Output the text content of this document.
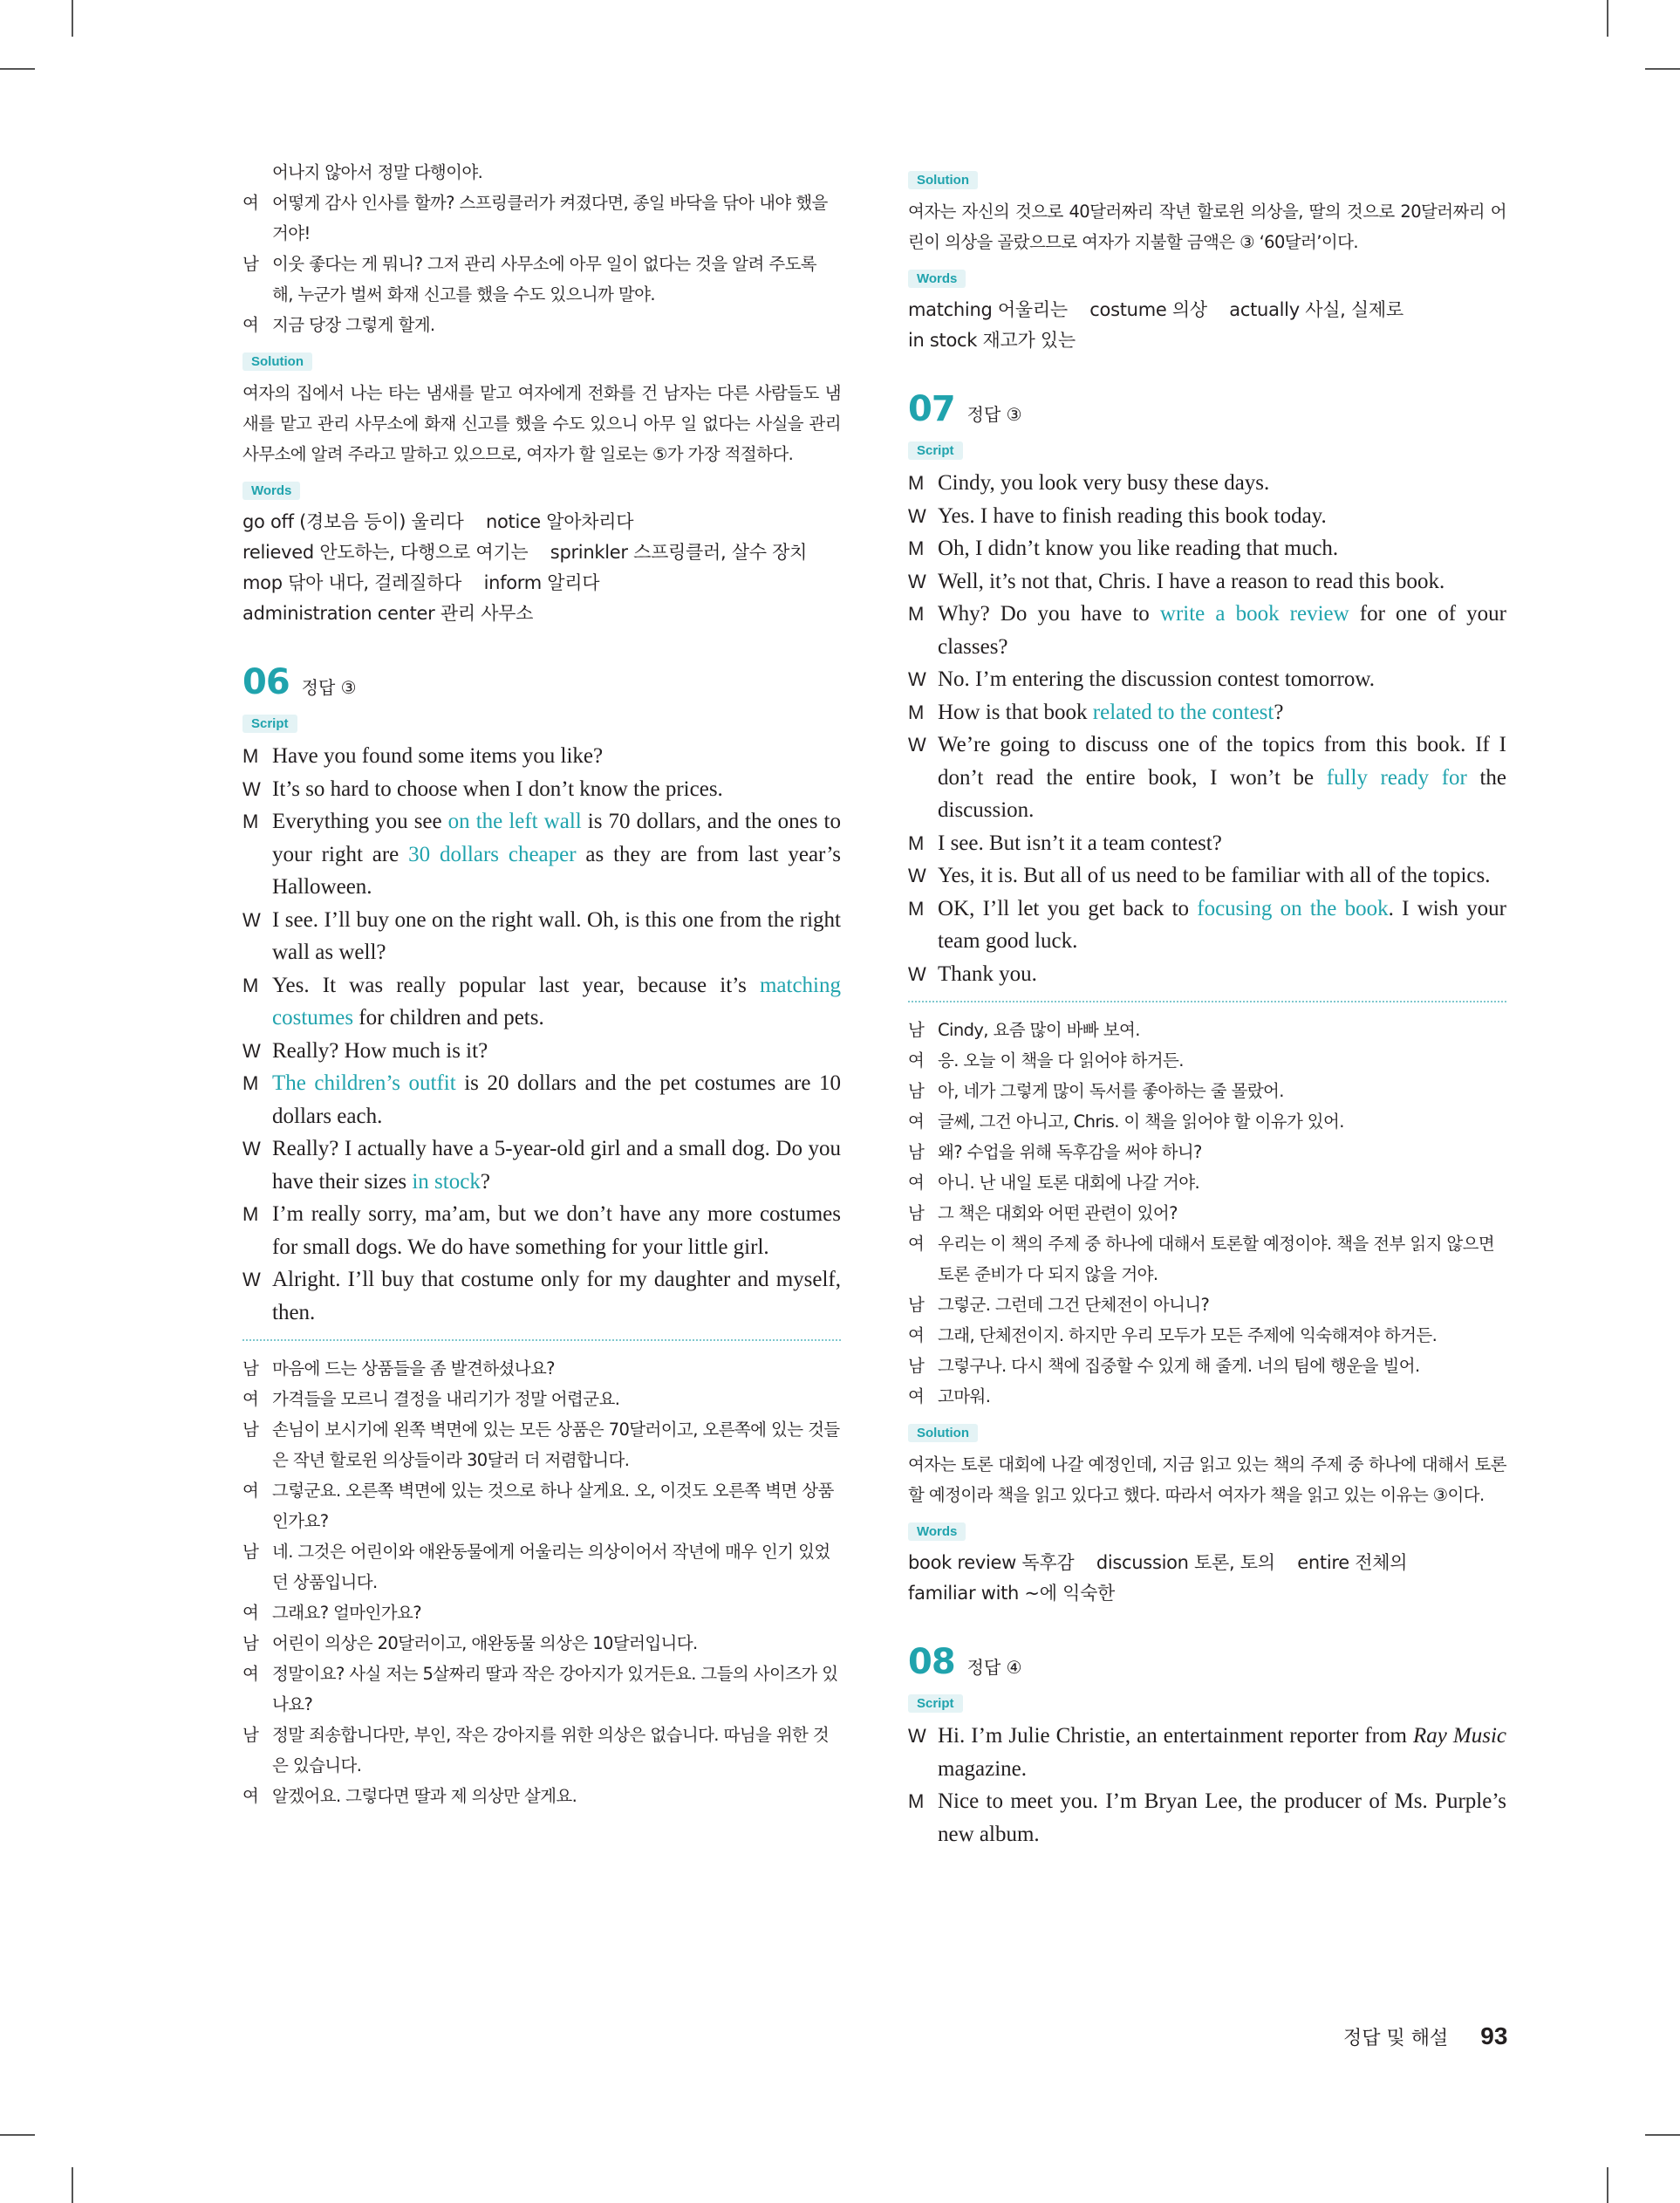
어나지 않아서 정말 다행이야.
여 어떻게 감사 인사를 할까? 스프링클러가 켜졌다면, 종일 바닥을 닦아 내야 했을 거야!
남 이웃 좋다는 게 뭐니? 그저 관리 사무소에 아무 일이 없다는 것을 알려 주도록 해, 누군가 벌써 화재 신고를 했을 수도 있으니까 말야.
여 지금 당장 그렇게 할게.
Solution
여자의 집에서 나는 타는 냄새를 맡고 여자에게 전화를 건 남자는 다른 사람들도 냄새를 맡고 관리 사무소에 화재 신고를 했을 수도 있으니 아무 일 없다는 사실을 관리 사무소에 알려 주라고 말하고 있으므로, 여자가 할 일로는 ⑤가 가장 적절하다.
Words
go off (경보음 등이) 울리다    notice 알아차리다
relieved 안도하는, 다행으로 여기는    sprinkler 스프링클러, 살수 장치
mop 닦아 내다, 걸레질하다    inform 알리다
administration center 관리 사무소
06 정답 ③
Script
M Have you found some items you like?
W It’s so hard to choose when I don’t know the prices.
M Everything you see on the left wall is 70 dollars, and the ones to your right are 30 dollars cheaper as they are from last year’s Halloween.
W I see. I’ll buy one on the right wall. Oh, is this one from the right wall as well?
M Yes. It was really popular last year, because it’s matching costumes for children and pets.
W Really? How much is it?
M The children’s outfit is 20 dollars and the pet costumes are 10 dollars each.
W Really? I actually have a 5-year-old girl and a small dog. Do you have their sizes in stock?
M I’m really sorry, ma’am, but we don’t have any more costumes for small dogs. We do have something for your little girl.
W Alright. I’ll buy that costume only for my daughter and myself, then.
남 마음에 드는 상품들을 좀 발견하셨나요?
여 가격들을 모르니 결정을 내리기가 정말 어렵군요.
남 손님이 보시기에 왼쪽 벽면에 있는 모든 상품은 70달러이고, 오른쪽에 있는 것들은 작년 할로윈 의상들이라 30달러 더 저렴합니다.
여 그렇군요. 오른쪽 벽면에 있는 것으로 하나 살게요. 오, 이것도 오른쪽 벽면 상품인가요?
남 네. 그것은 어린이와 애완동물에게 어울리는 의상이어서 작년에 매우 인기 있었던 상품입니다.
여 그래요? 얼마인가요?
남 어린이 의상은 20달러이고, 애완동물 의상은 10달러입니다.
여 정말이요? 사실 저는 5살짜리 딸과 작은 강아지가 있거든요. 그들의 사이즈가 있나요?
남 정말 죄송합니다만, 부인, 작은 강아지를 위한 의상은 없습니다. 따님을 위한 것은 있습니다.
여 알겠어요. 그렇다면 딸과 제 의상만 살게요.
Solution
여자는 자신의 것으로 40달러짜리 작년 할로윈 의상을, 딸의 것으로 20달러짜리 어린이 의상을 골랐으므로 여자가 지불할 금액은 ③ ‘60달러’이다.
Words
matching 어울리는    costume 의상    actually 사실, 실제로
in stock 재고가 있는
07 정답 ③
Script
M Cindy, you look very busy these days.
W Yes. I have to finish reading this book today.
M Oh, I didn’t know you like reading that much.
W Well, it’s not that, Chris. I have a reason to read this book.
M Why? Do you have to write a book review for one of your classes?
W No. I’m entering the discussion contest tomorrow.
M How is that book related to the contest?
W We’re going to discuss one of the topics from this book. If I don’t read the entire book, I won’t be fully ready for the discussion.
M I see. But isn’t it a team contest?
W Yes, it is. But all of us need to be familiar with all of the topics.
M OK, I’ll let you get back to focusing on the book. I wish your team good luck.
W Thank you.
남 Cindy, 요즘 많이 바빠 보여.
여 응. 오늘 이 책을 다 읽어야 하거든.
남 아, 네가 그렇게 많이 독서를 좋아하는 줄 몰랐어.
여 글쎄, 그건 아니고, Chris. 이 책을 읽어야 할 이유가 있어.
남 왜? 수업을 위해 독후감을 써야 하니?
여 아니. 난 내일 토론 대회에 나갈 거야.
남 그 책은 대회와 어떤 관련이 있어?
여 우리는 이 책의 주제 중 하나에 대해서 토론할 예정이야. 책을 전부 읽지 않으면 토론 준비가 다 되지 않을 거야.
남 그렇군. 그런데 그건 단체전이 아니니?
여 그래, 단체전이지. 하지만 우리 모두가 모든 주제에 익숙해져야 하거든.
남 그렇구나. 다시 책에 집중할 수 있게 해 줄게. 너의 팀에 행운을 빌어.
여 고마워.
Solution
여자는 토론 대회에 나갈 예정인데, 지금 읽고 있는 책의 주제 중 하나에 대해서 토론할 예정이라 책을 읽고 있다고 했다. 따라서 여자가 책을 읽고 있는 이유는 ③이다.
Words
book review 독후감    discussion 토론, 토의    entire 전체의
familiar with ~에 익숙한
08 정답 ④
Script
W Hi. I’m Julie Christie, an entertainment reporter from Ray Music magazine.
M Nice to meet you. I’m Bryan Lee, the producer of Ms. Purple’s new album.
정답 및 해설 93
